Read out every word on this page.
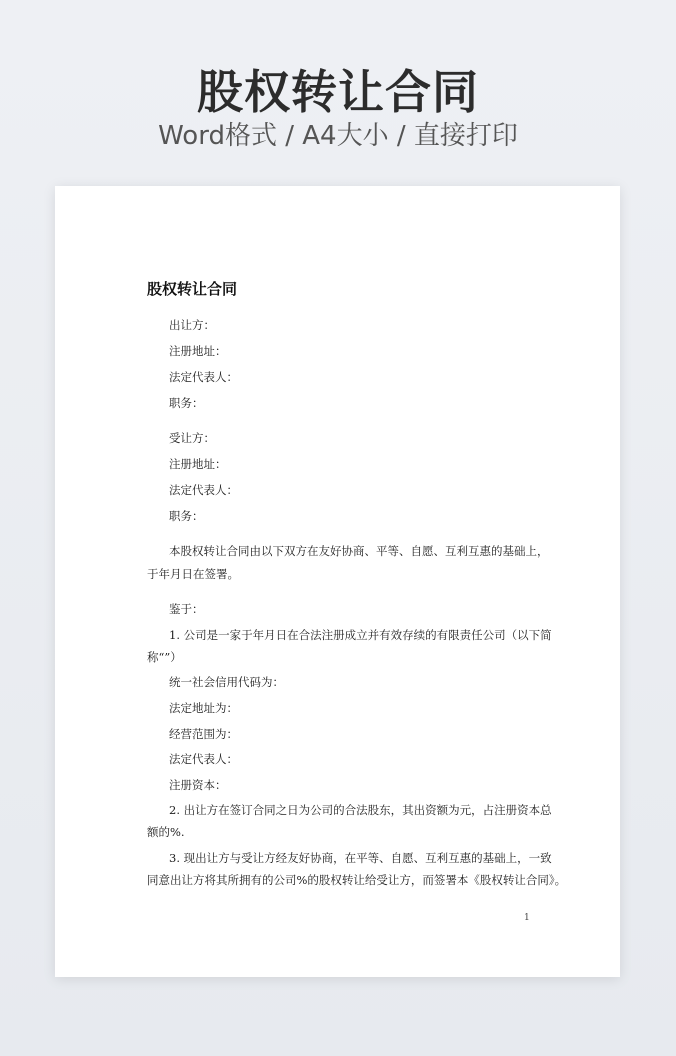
股权转让合同
Word格式 / A4大小 / 直接打印
股权转让合同
出让方：
注册地址：
法定代表人：
职务：
受让方：
注册地址：
法定代表人：
职务：
本股权转让合同由以下双方在友好协商、平等、自愿、互利互惠的基础上，
于年月日在签署。
鉴于：
1. 公司是一家于年月日在合法注册成立并有效存续的有限责任公司（以下简
称“”）
统一社会信用代码为：
法定地址为：
经营范围为：
法定代表人：
注册资本：
2. 出让方在签订合同之日为公司的合法股东，其出资额为元，占注册资本总
额的%.
3. 现出让方与受让方经友好协商，在平等、自愿、互利互惠的基础上，一致
同意出让方将其所拥有的公司%的股权转让给受让方，而签署本《股权转让合同》。
1
